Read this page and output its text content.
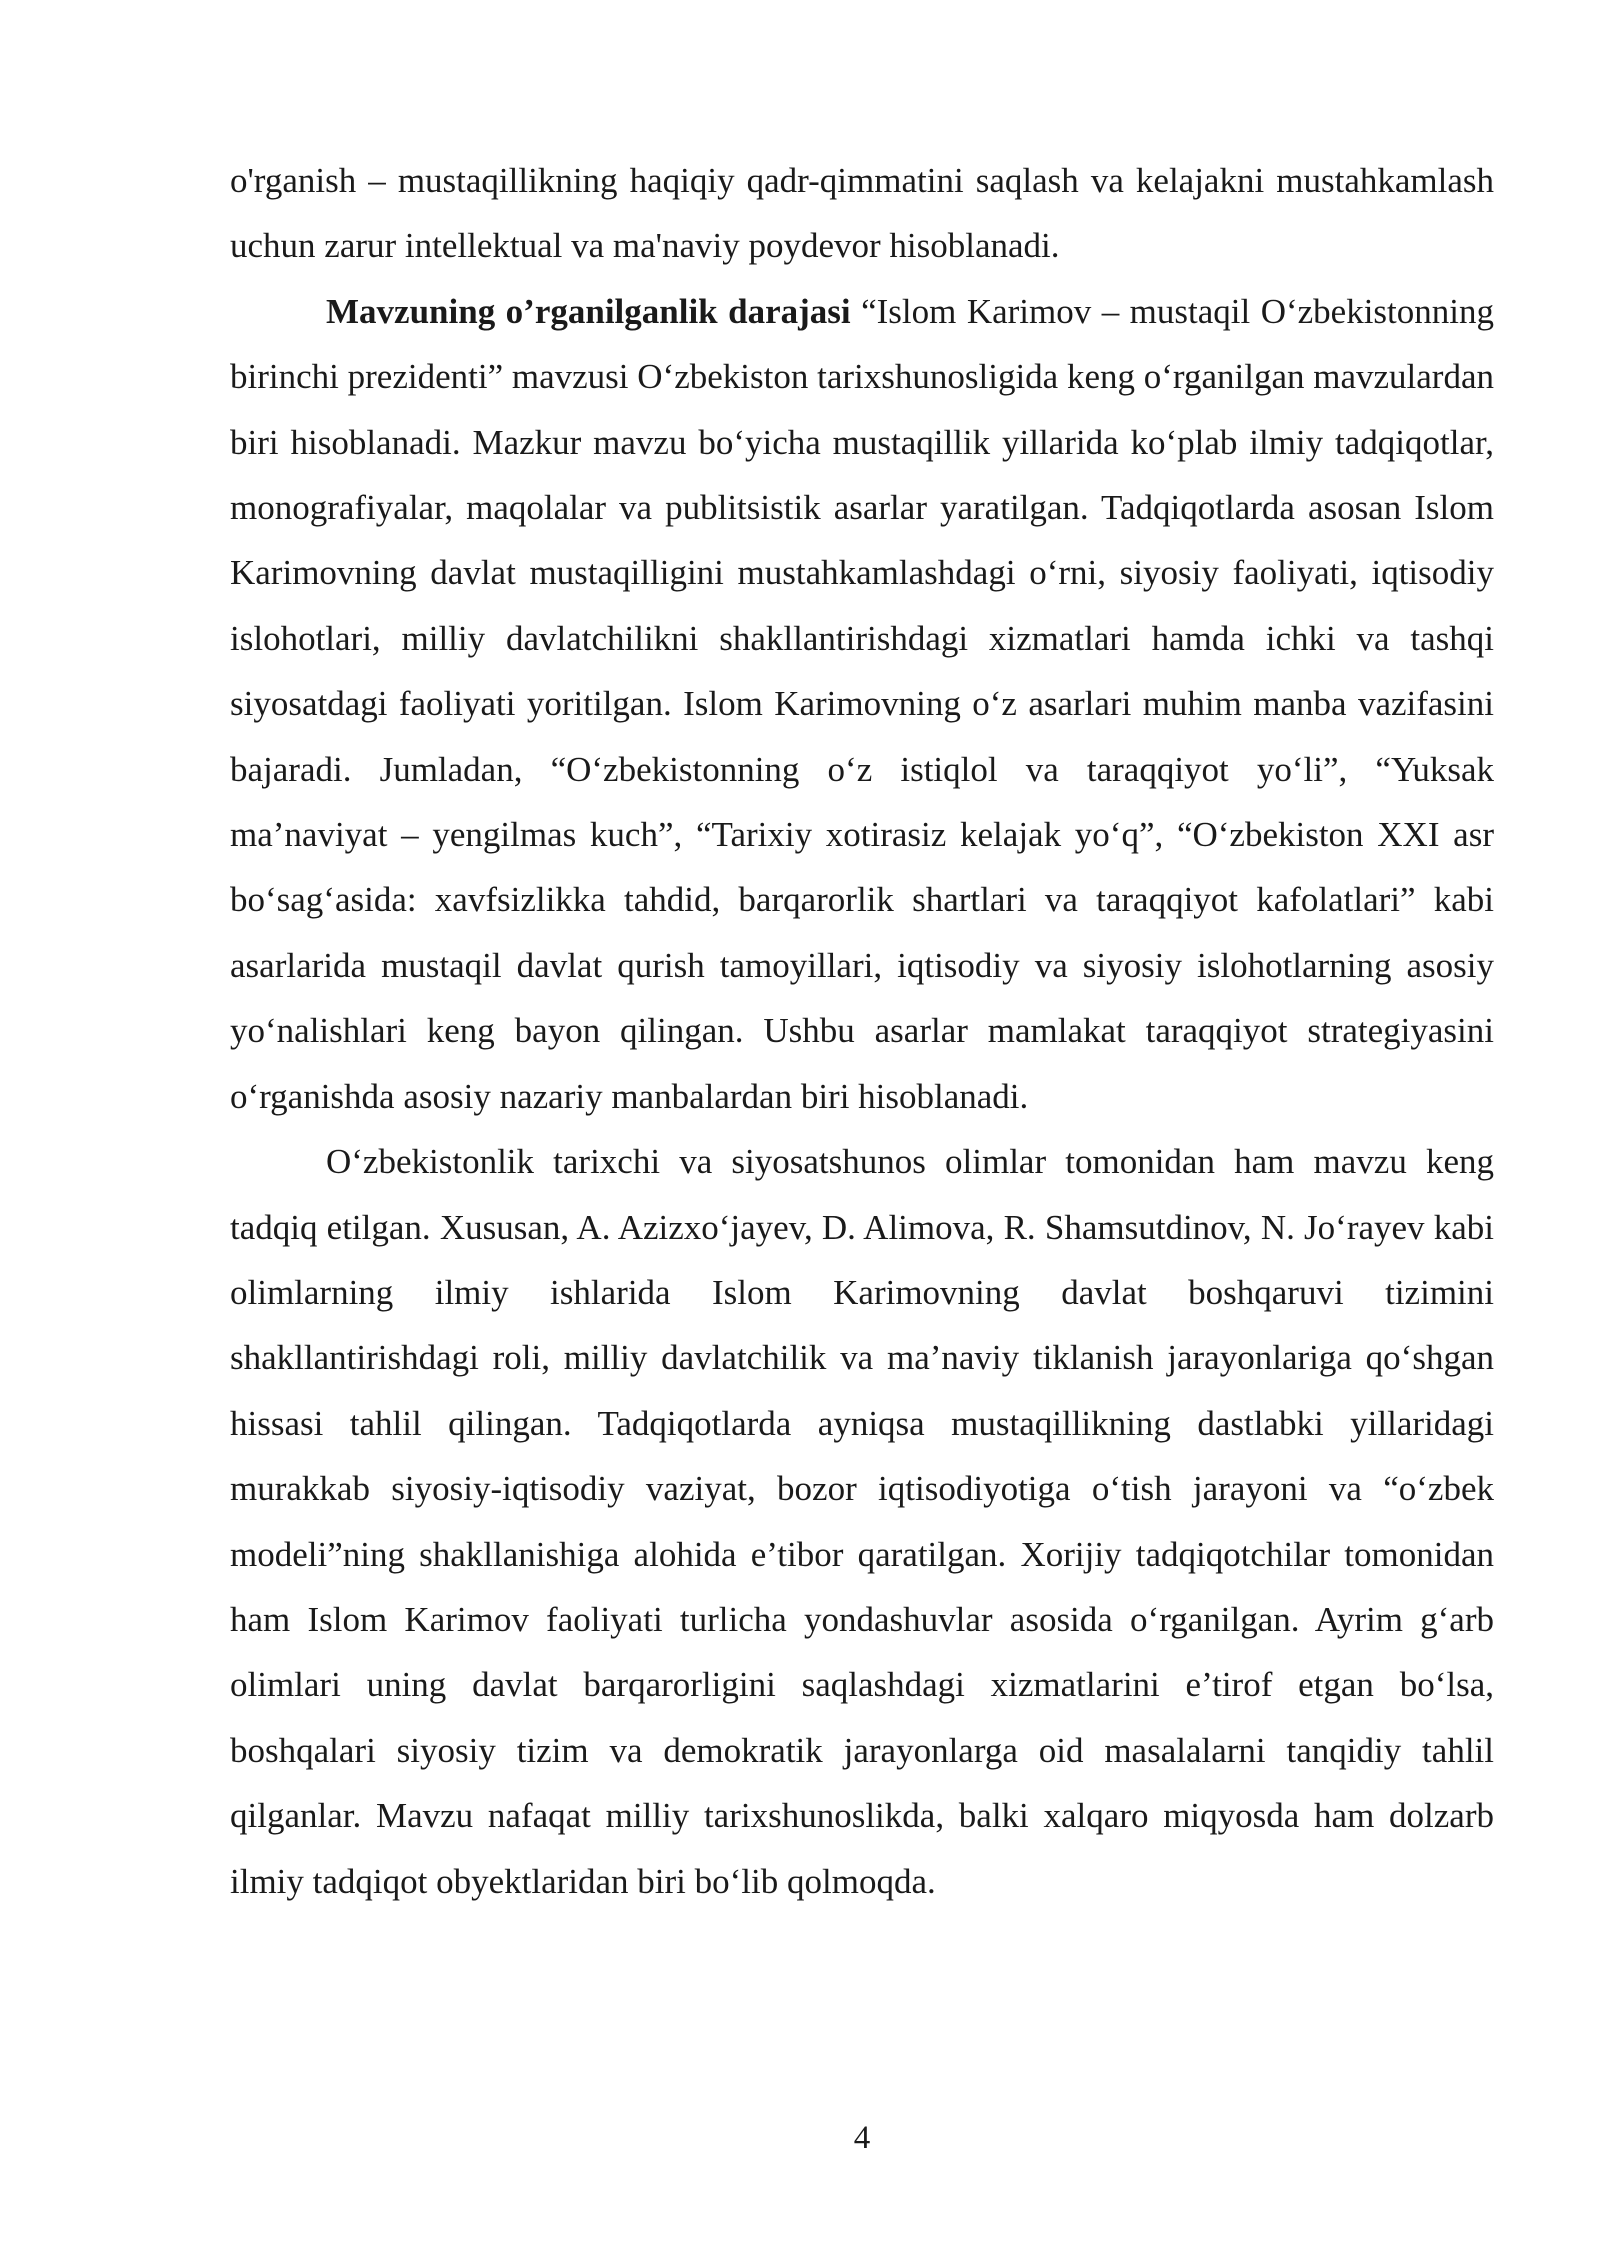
o'rganish – mustaqillikning haqiqiy qadr-qimmatini saqlash va kelajakni mustahkamlash uchun zarur intellektual va ma'naviy poydevor hisoblanadi.

Mavzuning o’rganilganlik darajasi “Islom Karimov – mustaqil O‘zbekistonning birinchi prezidenti” mavzusi O‘zbekiston tarixshunosligida keng o‘rganilgan mavzulardan biri hisoblanadi. Mazkur mavzu bo‘yicha mustaqillik yillarida ko‘plab ilmiy tadqiqotlar, monografiyalar, maqolalar va publitsistik asarlar yaratilgan. Tadqiqotlarda asosan Islom Karimovning davlat mustaqilligini mustahkamlashdagi o‘rni, siyosiy faoliyati, iqtisodiy islohotlari, milliy davlatchilikni shakllantirishdagi xizmatlari hamda ichki va tashqi siyosatdagi faoliyati yoritilgan. Islom Karimovning o‘z asarlari muhim manba vazifasini bajaradi. Jumladan, “O‘zbekistonning o‘z istiqlol va taraqqiyot yo‘li”, “Yuksak ma’naviyat – yengilmas kuch”, “Tarixiy xotirasiz kelajak yo‘q”, “O‘zbekiston XXI asr bo‘sag‘asida: xavfsizlikka tahdid, barqarorlik shartlari va taraqqiyot kafolatlari” kabi asarlarida mustaqil davlat qurish tamoyillari, iqtisodiy va siyosiy islohotlarning asosiy yo‘nalishlari keng bayon qilingan. Ushbu asarlar mamlakat taraqqiyot strategiyasini o‘rganishda asosiy nazariy manbalardan biri hisoblanadi.

O‘zbekistonlik tarixchi va siyosatshunos olimlar tomonidan ham mavzu keng tadqiq etilgan. Xususan, A. Azizxo‘jayev, D. Alimova, R. Shamsutdinov, N. Jo‘rayev kabi olimlarning ilmiy ishlarida Islom Karimovning davlat boshqaruvi tizimini shakllantirishdagi roli, milliy davlatchilik va ma’naviy tiklanish jarayonlariga qo‘shgan hissasi tahlil qilingan. Tadqiqotlarda ayniqsa mustaqillikning dastlabki yillaridagi murakkab siyosiy-iqtisodiy vaziyat, bozor iqtisodiyotiga o‘tish jarayoni va “o‘zbek modeli”ning shakllanishiga alohida e’tibor qaratilgan. Xorijiy tadqiqotchilar tomonidan ham Islom Karimov faoliyati turlicha yondashuvlar asosida o‘rganilgan. Ayrim g‘arb olimlari uning davlat barqarorligini saqlashdagi xizmatlarini e’tirof etgan bo‘lsa, boshqalari siyosiy tizim va demokratik jarayonlarga oid masalalarni tanqidiy tahlil qilganlar. Mavzu nafaqat milliy tarixshunoslikda, balki xalqaro miqyosda ham dolzarb ilmiy tadqiqot obyektlaridan biri bo‘lib qolmoqda.

4
